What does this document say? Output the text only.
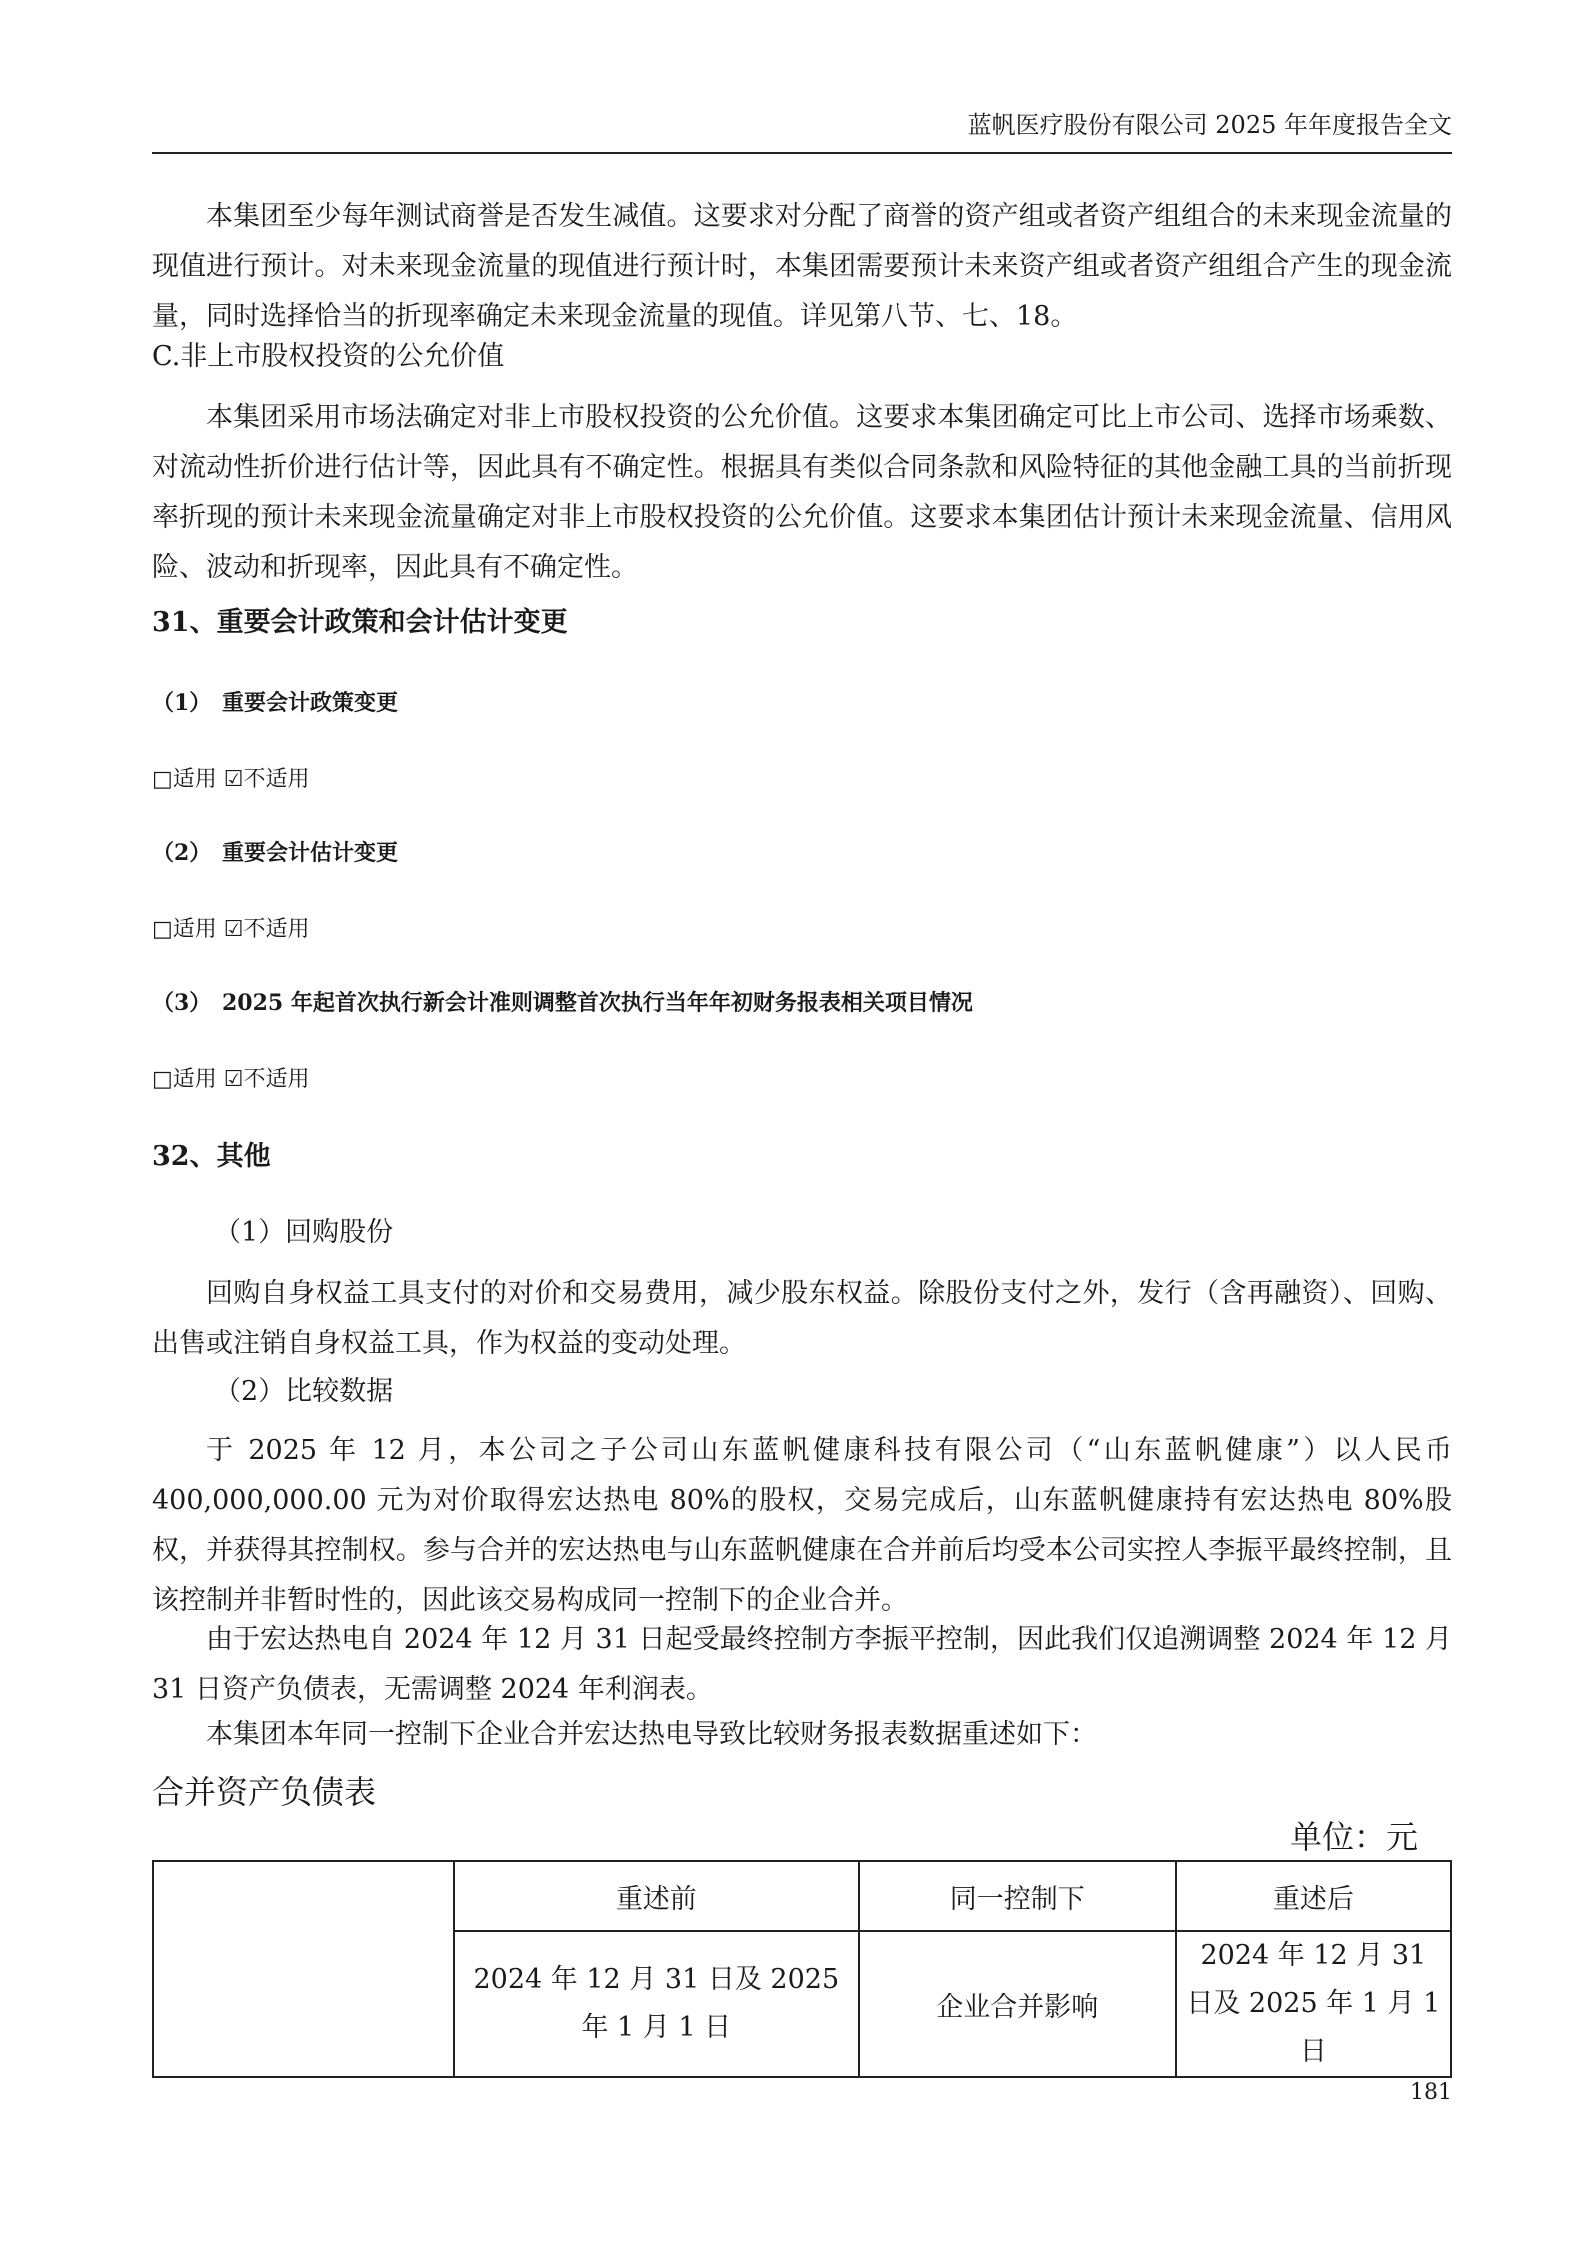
蓝帆医疗股份有限公司 2025 年年度报告全文

本集团至少每年测试商誉是否发生减值。这要求对分配了商誉的资产组或者资产组组合的未来现金流量的现值进行预计。对未来现金流量的现值进行预计时，本集团需要预计未来资产组或者资产组组合产生的现金流量，同时选择恰当的折现率确定未来现金流量的现值。详见第八节、七、18。

C.非上市股权投资的公允价值

本集团采用市场法确定对非上市股权投资的公允价值。这要求本集团确定可比上市公司、选择市场乘数、对流动性折价进行估计等，因此具有不确定性。根据具有类似合同条款和风险特征的其他金融工具的当前折现率折现的预计未来现金流量确定对非上市股权投资的公允价值。这要求本集团估计预计未来现金流量、信用风险、波动和折现率，因此具有不确定性。

31、重要会计政策和会计估计变更
（1） 重要会计政策变更
□适用 ☑不适用
（2） 重要会计估计变更
□适用 ☑不适用
（3） 2025 年起首次执行新会计准则调整首次执行当年年初财务报表相关项目情况
□适用 ☑不适用
32、其他
（1）回购股份

回购自身权益工具支付的对价和交易费用，减少股东权益。除股份支付之外，发行（含再融资）、回购、出售或注销自身权益工具，作为权益的变动处理。

（2）比较数据

于 2025 年 12 月，本公司之子公司山东蓝帆健康科技有限公司（“山东蓝帆健康”）以人民币 400,000,000.00 元为对价取得宏达热电 80%的股权，交易完成后，山东蓝帆健康持有宏达热电 80%股权，并获得其控制权。参与合并的宏达热电与山东蓝帆健康在合并前后均受本公司实控人李振平最终控制，且该控制并非暂时性的，因此该交易构成同一控制下的企业合并。

由于宏达热电自 2024 年 12 月 31 日起受最终控制方李振平控制，因此我们仅追溯调整 2024 年 12 月 31 日资产负债表，无需调整 2024 年利润表。

本集团本年同一控制下企业合并宏达热电导致比较财务报表数据重述如下：

合并资产负债表
单位：元
	重述前	同一控制下	重述后
	2024 年 12 月 31 日及 2025 年 1 月 1 日	企业合并影响	2024 年 12 月 31 日及 2025 年 1 月 1 日
181
